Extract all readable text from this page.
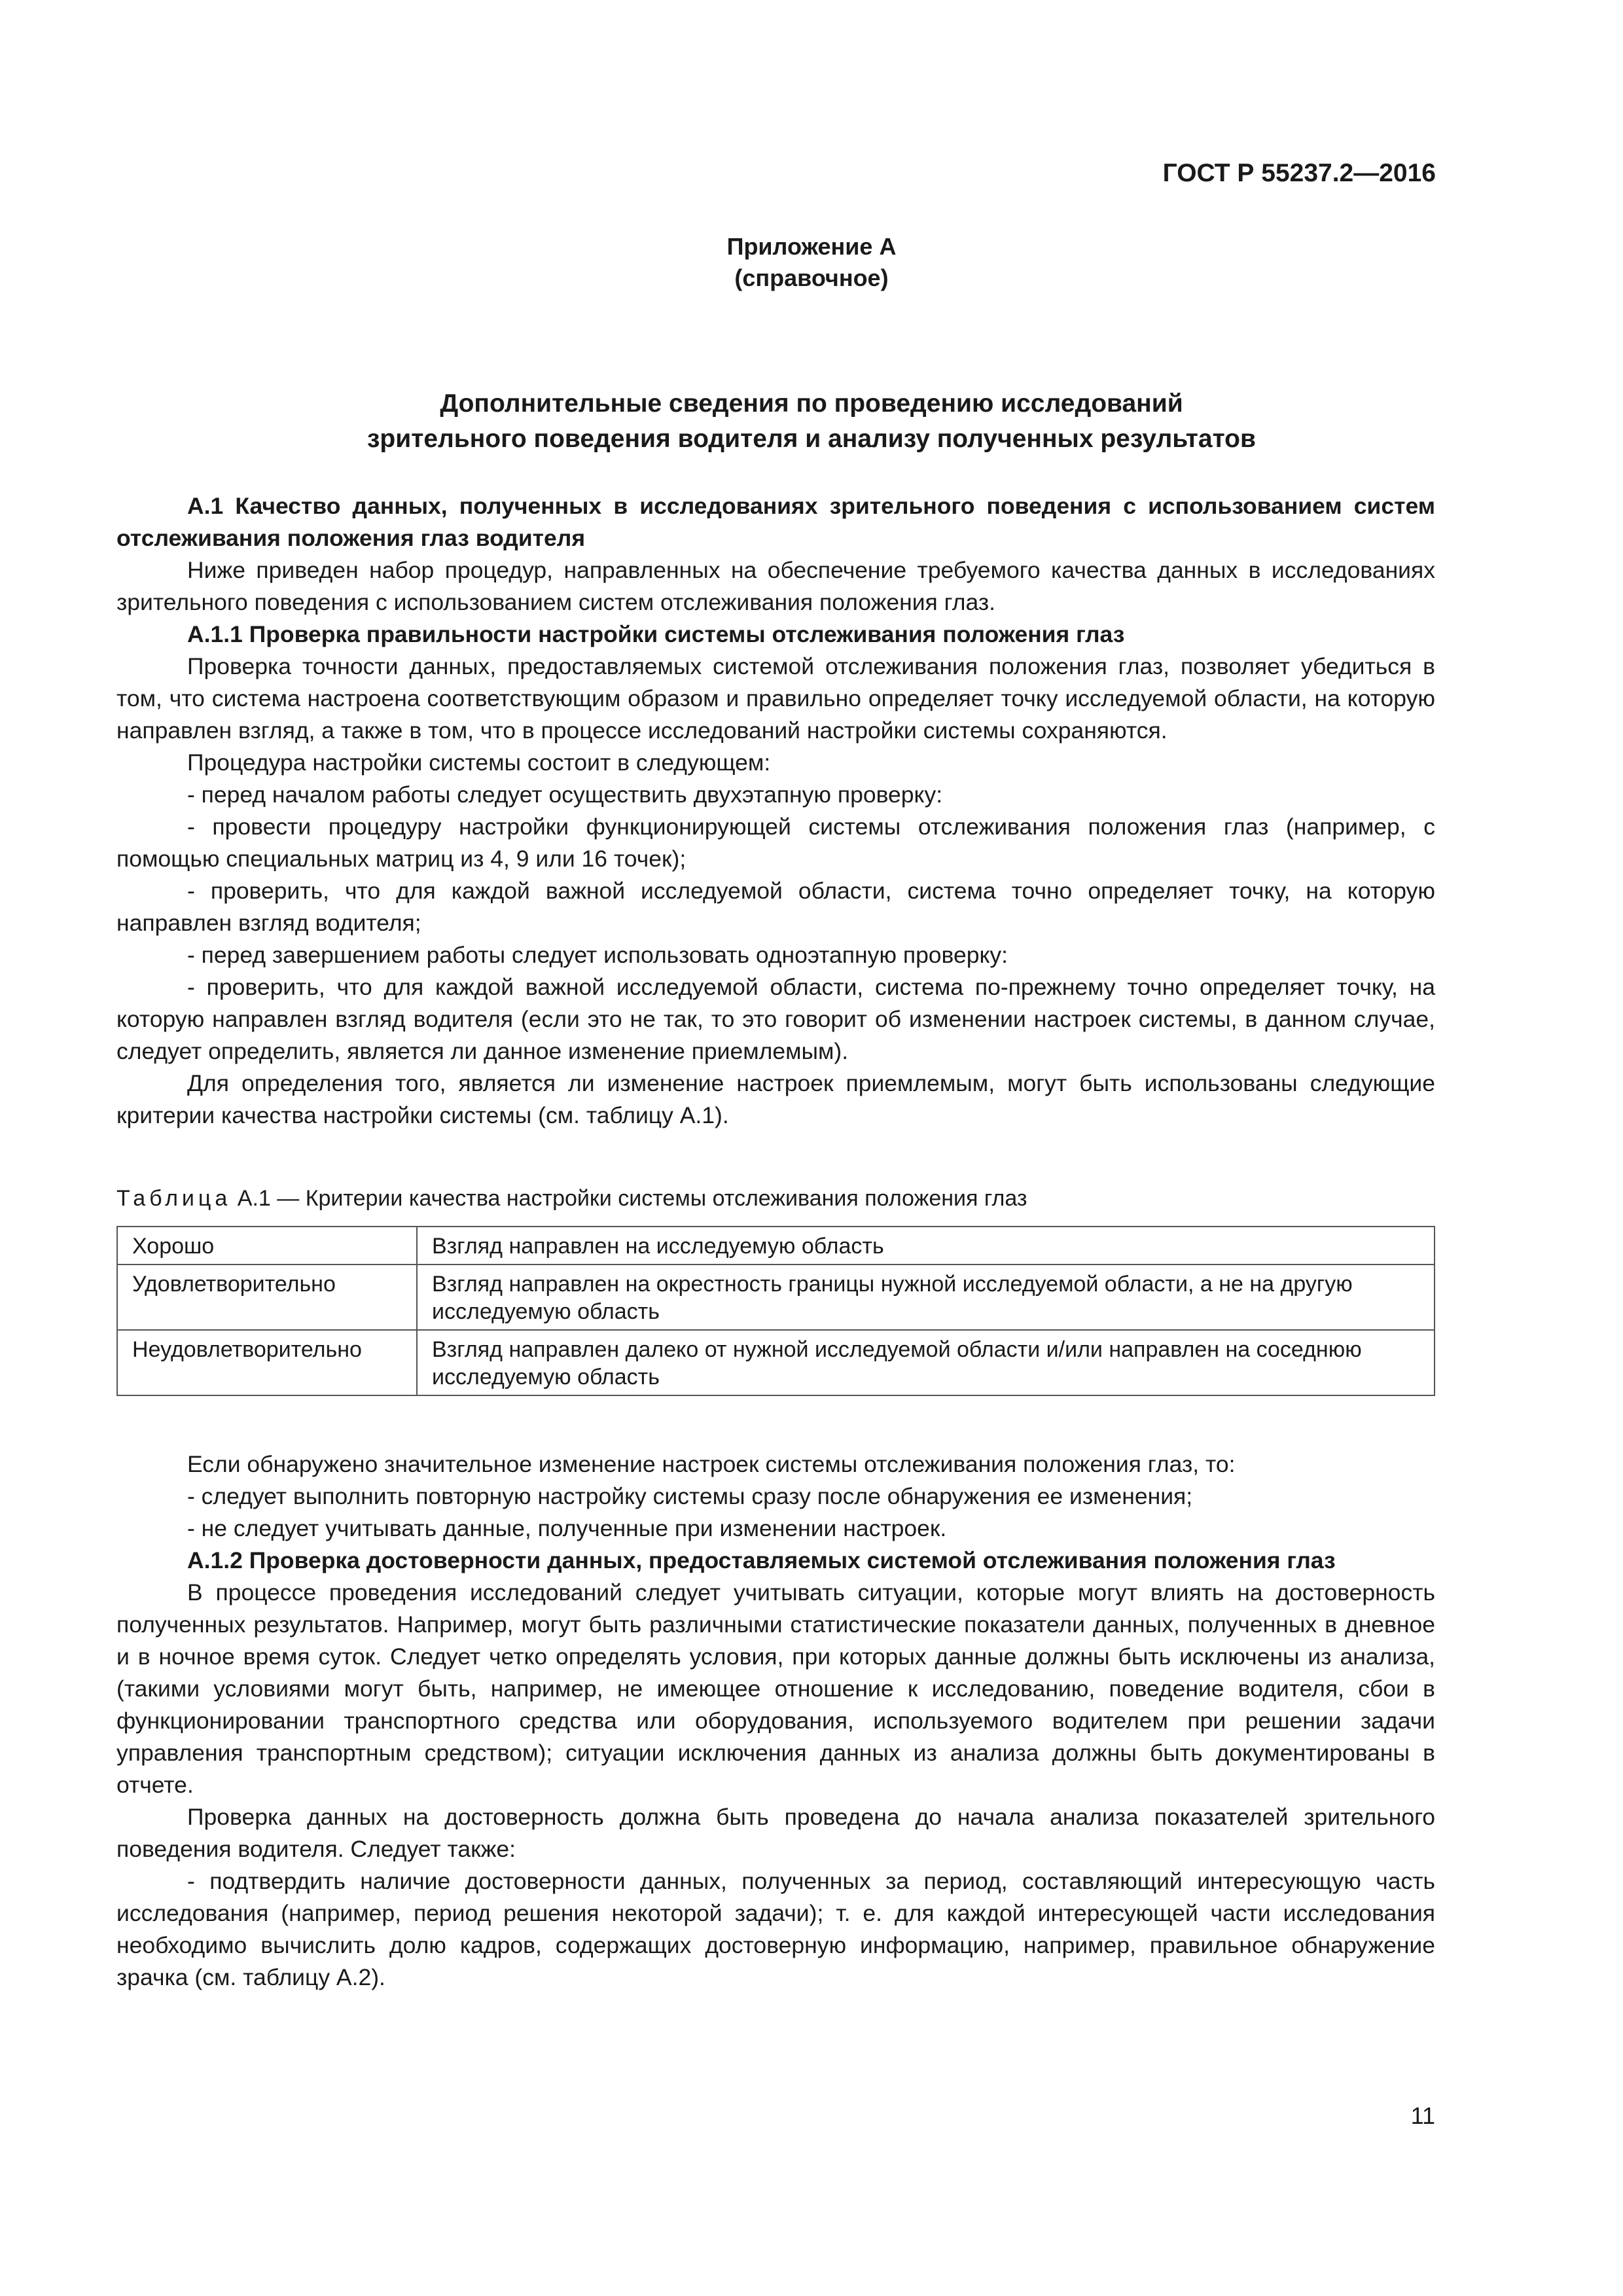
ГОСТ Р 55237.2—2016
Приложение А
(справочное)
Дополнительные сведения по проведению исследований
зрительного поведения водителя и анализу полученных результатов

А.1 Качество данных, полученных в исследованиях зрительного поведения с использованием систем отслеживания положения глаз водителя

Ниже приведен набор процедур, направленных на обеспечение требуемого качества данных в исследованиях зрительного поведения с использованием систем отслеживания положения глаз.

А.1.1 Проверка правильности настройки системы отслеживания положения глаз

Проверка точности данных, предоставляемых системой отслеживания положения глаз, позволяет убедиться в том, что система настроена соответствующим образом и правильно определяет точку исследуемой области, на которую направлен взгляд, а также в том, что в процессе исследований настройки системы сохраняются.

Процедура настройки системы состоит в следующем:

- перед началом работы следует осуществить двухэтапную проверку:

- провести процедуру настройки функционирующей системы отслеживания положения глаз (например, с помощью специальных матриц из 4, 9 или 16 точек);

- проверить, что для каждой важной исследуемой области, система точно определяет точку, на которую направлен взгляд водителя;

- перед завершением работы следует использовать одноэтапную проверку:

- проверить, что для каждой важной исследуемой области, система по-прежнему точно определяет точку, на которую направлен взгляд водителя (если это не так, то это говорит об изменении настроек системы, в данном случае, следует определить, является ли данное изменение приемлемым).

Для определения того, является ли изменение настроек приемлемым, могут быть использованы следующие критерии качества настройки системы (см. таблицу А.1).

Таблица А.1 — Критерии качества настройки системы отслеживания положения глаз
Хорошо	Взгляд направлен на исследуемую область
Удовлетворительно	Взгляд направлен на окрестность границы нужной исследуемой области, а не на другую исследуемую область
Неудовлетворительно	Взгляд направлен далеко от нужной исследуемой области и/или направлен на соседнюю исследуемую область

Если обнаружено значительное изменение настроек системы отслеживания положения глаз, то:

- следует выполнить повторную настройку системы сразу после обнаружения ее изменения;

- не следует учитывать данные, полученные при изменении настроек.

А.1.2 Проверка достоверности данных, предоставляемых системой отслеживания положения глаз

В процессе проведения исследований следует учитывать ситуации, которые могут влиять на достоверность полученных результатов. Например, могут быть различными статистические показатели данных, полученных в дневное и в ночное время суток. Следует четко определять условия, при которых данные должны быть исключены из анализа, (такими условиями могут быть, например, не имеющее отношение к исследованию, поведение водителя, сбои в функционировании транспортного средства или оборудования, используемого водителем при решении задачи управления транспортным средством); ситуации исключения данных из анализа должны быть документированы в отчете.

Проверка данных на достоверность должна быть проведена до начала анализа показателей зрительного поведения водителя. Следует также:

- подтвердить наличие достоверности данных, полученных за период, составляющий интересующую часть исследования (например, период решения некоторой задачи); т. е. для каждой интересующей части исследования необходимо вычислить долю кадров, содержащих достоверную информацию, например, правильное обнаружение зрачка (см. таблицу А.2).

11
